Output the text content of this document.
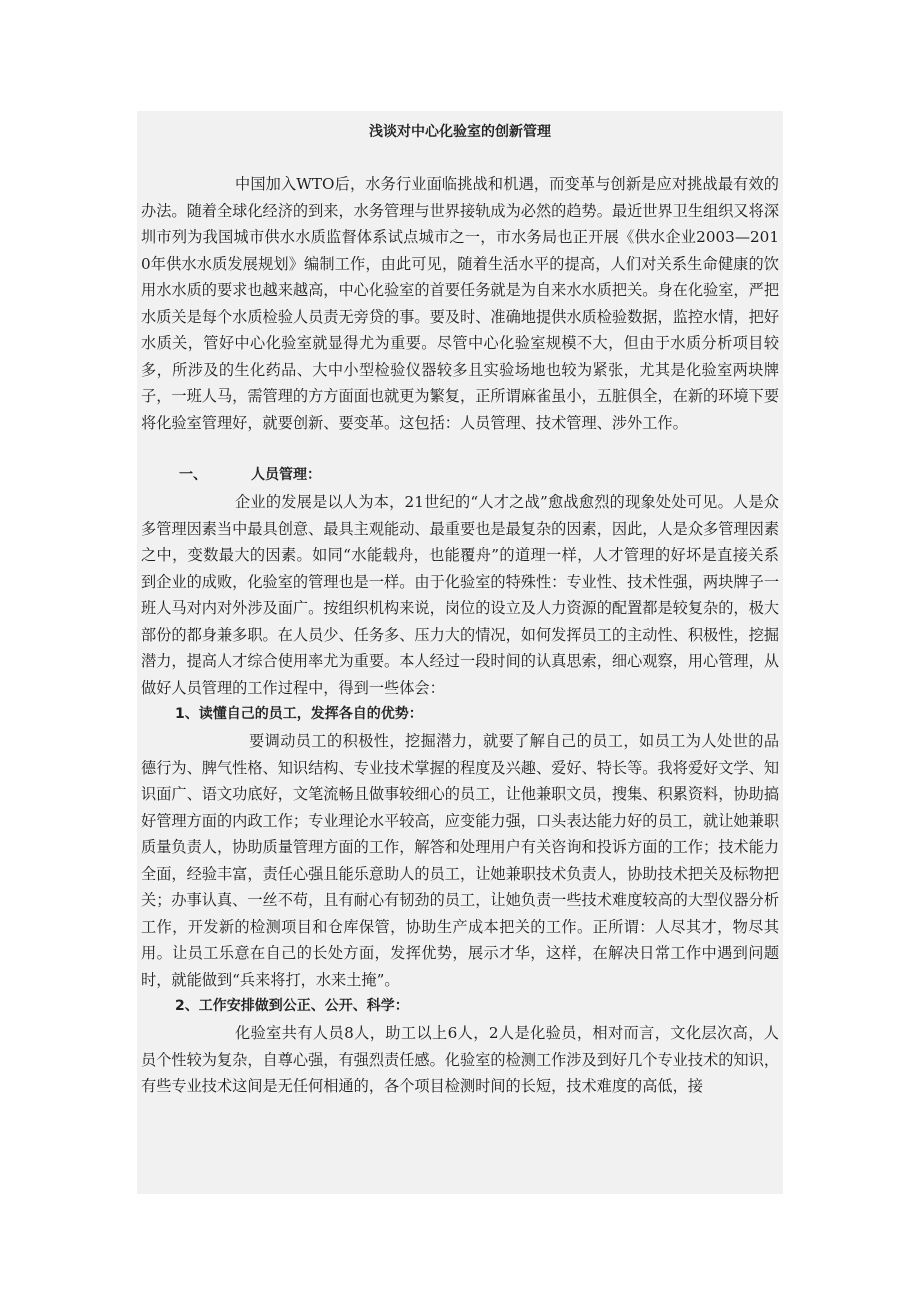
浅谈对中心化验室的创新管理

中国加入WTO后，水务行业面临挑战和机遇，而变革与创新是应对挑战最有效的办法。随着全球化经济的到来，水务管理与世界接轨成为必然的趋势。最近世界卫生组织又将深圳市列为我国城市供水水质监督体系试点城市之一，市水务局也正开展《供水企业2003—2010年供水水质发展规划》编制工作，由此可见，随着生活水平的提高，人们对关系生命健康的饮用水水质的要求也越来越高，中心化验室的首要任务就是为自来水水质把关。身在化验室，严把水质关是每个水质检验人员责无旁贷的事。要及时、准确地提供水质检验数据，监控水情，把好水质关，管好中心化验室就显得尤为重要。尽管中心化验室规模不大，但由于水质分析项目较多，所涉及的生化药品、大中小型检验仪器较多且实验场地也较为紧张，尤其是化验室两块牌子，一班人马，需管理的方方面面也就更为繁复，正所谓麻雀虽小，五脏俱全，在新的环境下要将化验室管理好，就要创新、要变革。这包括：人员管理、技术管理、涉外工作。

一、	人员管理：

企业的发展是以人为本，21世纪的“人才之战”愈战愈烈的现象处处可见。人是众多管理因素当中最具创意、最具主观能动、最重要也是最复杂的因素，因此，人是众多管理因素之中，变数最大的因素。如同“水能载舟，也能覆舟”的道理一样，人才管理的好坏是直接关系到企业的成败，化验室的管理也是一样。由于化验室的特殊性：专业性、技术性强，两块牌子一班人马对内对外涉及面广。按组织机构来说，岗位的设立及人力资源的配置都是较复杂的，极大部份的都身兼多职。在人员少、任务多、压力大的情况，如何发挥员工的主动性、积极性，挖掘潜力，提高人才综合使用率尤为重要。本人经过一段时间的认真思索，细心观察，用心管理，从做好人员管理的工作过程中，得到一些体会：

1、读懂自己的员工，发挥各自的优势：

要调动员工的积极性，挖掘潜力，就要了解自己的员工，如员工为人处世的品德行为、脾气性格、知识结构、专业技术掌握的程度及兴趣、爱好、特长等。我将爱好文学、知识面广、语文功底好，文笔流畅且做事较细心的员工，让他兼职文员，搜集、积累资料，协助搞好管理方面的内政工作；专业理论水平较高，应变能力强，口头表达能力好的员工，就让她兼职质量负责人，协助质量管理方面的工作，解答和处理用户有关咨询和投诉方面的工作；技术能力全面，经验丰富，责任心强且能乐意助人的员工，让她兼职技术负责人，协助技术把关及标物把关；办事认真、一丝不苟，且有耐心有韧劲的员工，让她负责一些技术难度较高的大型仪器分析工作，开发新的检测项目和仓库保管，协助生产成本把关的工作。正所谓：人尽其才，物尽其用。让员工乐意在自己的长处方面，发挥优势，展示才华，这样，在解决日常工作中遇到问题时，就能做到“兵来将打，水来土掩”。

2、工作安排做到公正、公开、科学：

化验室共有人员8人，助工以上6人，2人是化验员，相对而言，文化层次高，人员个性较为复杂，自尊心强，有强烈责任感。化验室的检测工作涉及到好几个专业技术的知识，有些专业技术这间是无任何相通的，各个项目检测时间的长短，技术难度的高低，接
